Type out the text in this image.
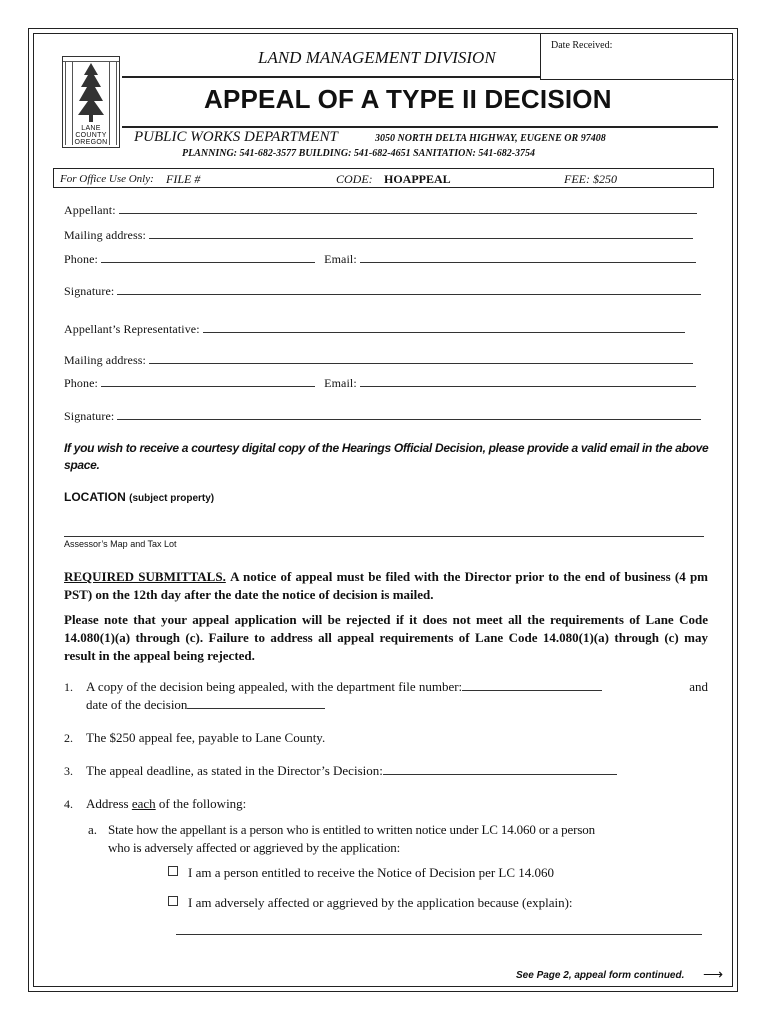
LANE COUNTY OREGON
LAND MANAGEMENT DIVISION
Date Received:
APPEAL OF A TYPE II DECISION
PUBLIC WORKS DEPARTMENT	3050 NORTH DELTA HIGHWAY, EUGENE OR 97408
PLANNING: 541-682-3577 BUILDING: 541-682-4651 SANITATION: 541-682-3754
For Office Use Only: FILE #	CODE: HOAPPEAL	FEE: $250
Appellant:
Mailing address:
Phone:	Email:
Signature:
Appellant’s Representative:
Mailing address:
Phone:	Email:
Signature:
If you wish to receive a courtesy digital copy of the Hearings Official Decision, please provide a valid email in the above space.
LOCATION (subject property)
Assessor’s Map and Tax Lot
REQUIRED SUBMITTALS. A notice of appeal must be filed with the Director prior to the end of business (4 pm PST) on the 12th day after the date the notice of decision is mailed.
Please note that your appeal application will be rejected if it does not meet all the requirements of Lane Code 14.080(1)(a) through (c). Failure to address all appeal requirements of Lane Code 14.080(1)(a) through (c) may result in the appeal being rejected.
1. A copy of the decision being appealed, with the department file number:	and
date of the decision
2. The $250 appeal fee, payable to Lane County.
3. The appeal deadline, as stated in the Director’s Decision:
4. Address each of the following:
a. State how the appellant is a person who is entitled to written notice under LC 14.060 or a person
who is adversely affected or aggrieved by the application:
I am a person entitled to receive the Notice of Decision per LC 14.060
I am adversely affected or aggrieved by the application because (explain):
See Page 2, appeal form continued. ⟶
